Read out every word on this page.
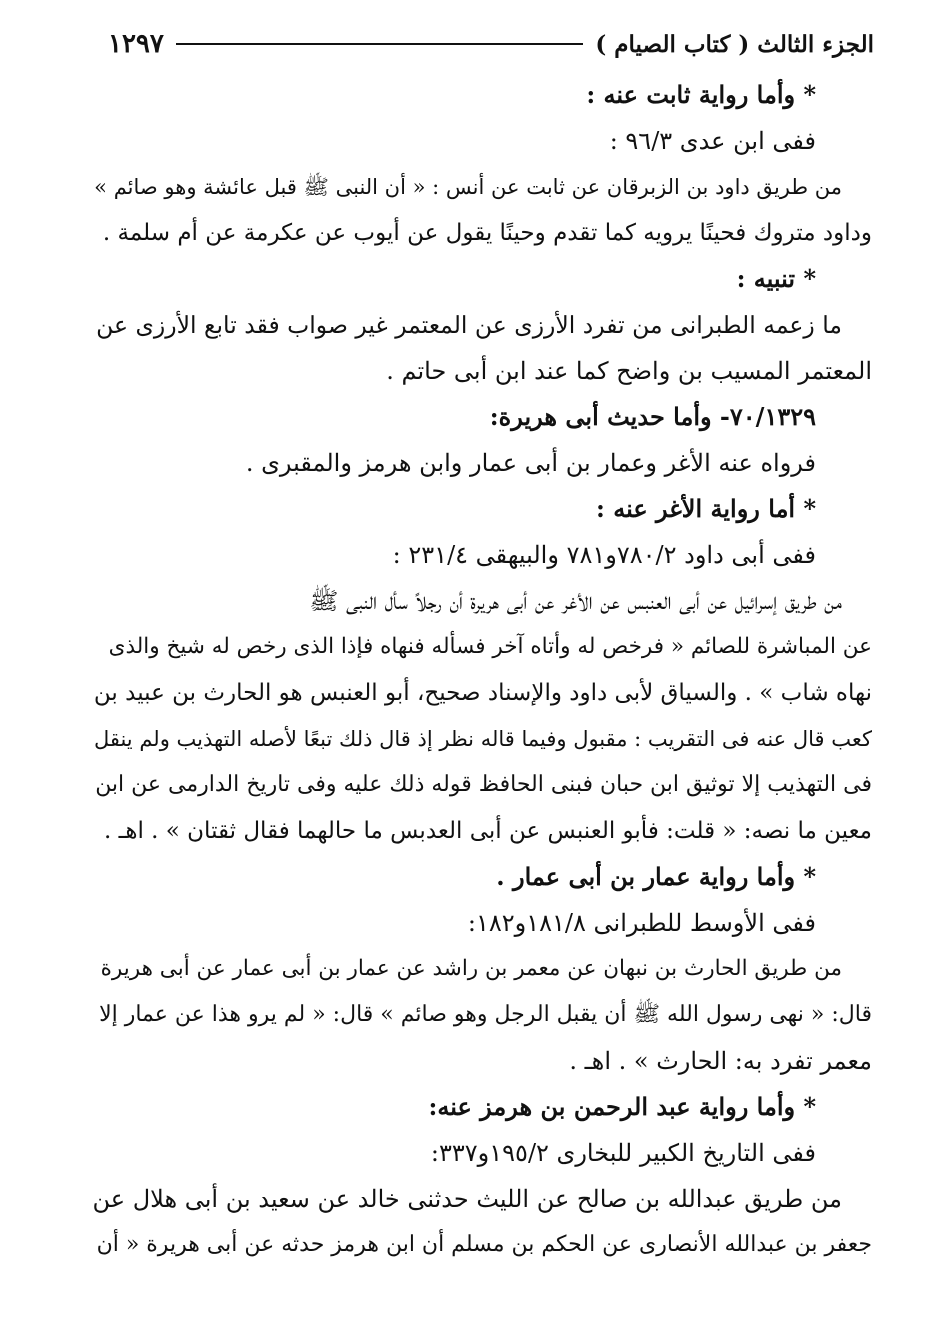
الجزء الثالث ( كتاب الصيام )
١٢٩٧
* وأما رواية ثابت عنه :
ففى ابن عدى ٩٦/٣ :
من طريق داود بن الزبرقان عن ثابت عن أنس : « أن النبى ﷺ قبل عائشة وهو صائم »
وداود متروك فحينًا يرويه كما تقدم وحينًا يقول عن أيوب عن عكرمة عن أم سلمة .
* تنبيه :
ما زعمه الطبرانى من تفرد الأرزى عن المعتمر غير صواب فقد تابع الأرزى عن
المعتمر المسيب بن واضح كما عند ابن أبى حاتم .
٧٠/١٣٢٩- وأما حديث أبى هريرة:
فرواه عنه الأغر وعمار بن أبى عمار وابن هرمز والمقبرى .
* أما رواية الأغر عنه :
ففى أبى داود ٧٨٠/٢و٧٨١ والبيهقى ٢٣١/٤ :
من طريق إسرائيل عن أبى العنبس عن الأغر عن أبى هريرة أن رجلاً سأل النبى ﷺ
عن المباشرة للصائم « فرخص له وأتاه آخر فسأله فنهاه فإذا الذى رخص له شيخ والذى
نهاه شاب » . والسياق لأبى داود والإسناد صحيح، أبو العنبس هو الحارث بن عبيد بن
كعب قال عنه فى التقريب : مقبول وفيما قاله نظر إذ قال ذلك تبعًا لأصله التهذيب ولم ينقل
فى التهذيب إلا توثيق ابن حبان فبنى الحافظ قوله ذلك عليه وفى تاريخ الدارمى عن ابن
معين ما نصه: « قلت: فأبو العنبس عن أبى العدبس ما حالهما فقال ثقتان » . اهـ .
* وأما رواية عمار بن أبى عمار .
ففى الأوسط للطبرانى ١٨١/٨و١٨٢:
من طريق الحارث بن نبهان عن معمر بن راشد عن عمار بن أبى عمار عن أبى هريرة
قال: « نهى رسول الله ﷺ أن يقبل الرجل وهو صائم » قال: « لم يرو هذا عن عمار إلا
معمر تفرد به: الحارث » . اهـ .
* وأما رواية عبد الرحمن بن هرمز عنه:
ففى التاريخ الكبير للبخارى ١٩٥/٢و٣٣٧:
من طريق عبدالله بن صالح عن الليث حدثنى خالد عن سعيد بن أبى هلال عن
جعفر بن عبدالله الأنصارى عن الحكم بن مسلم أن ابن هرمز حدثه عن أبى هريرة « أن
